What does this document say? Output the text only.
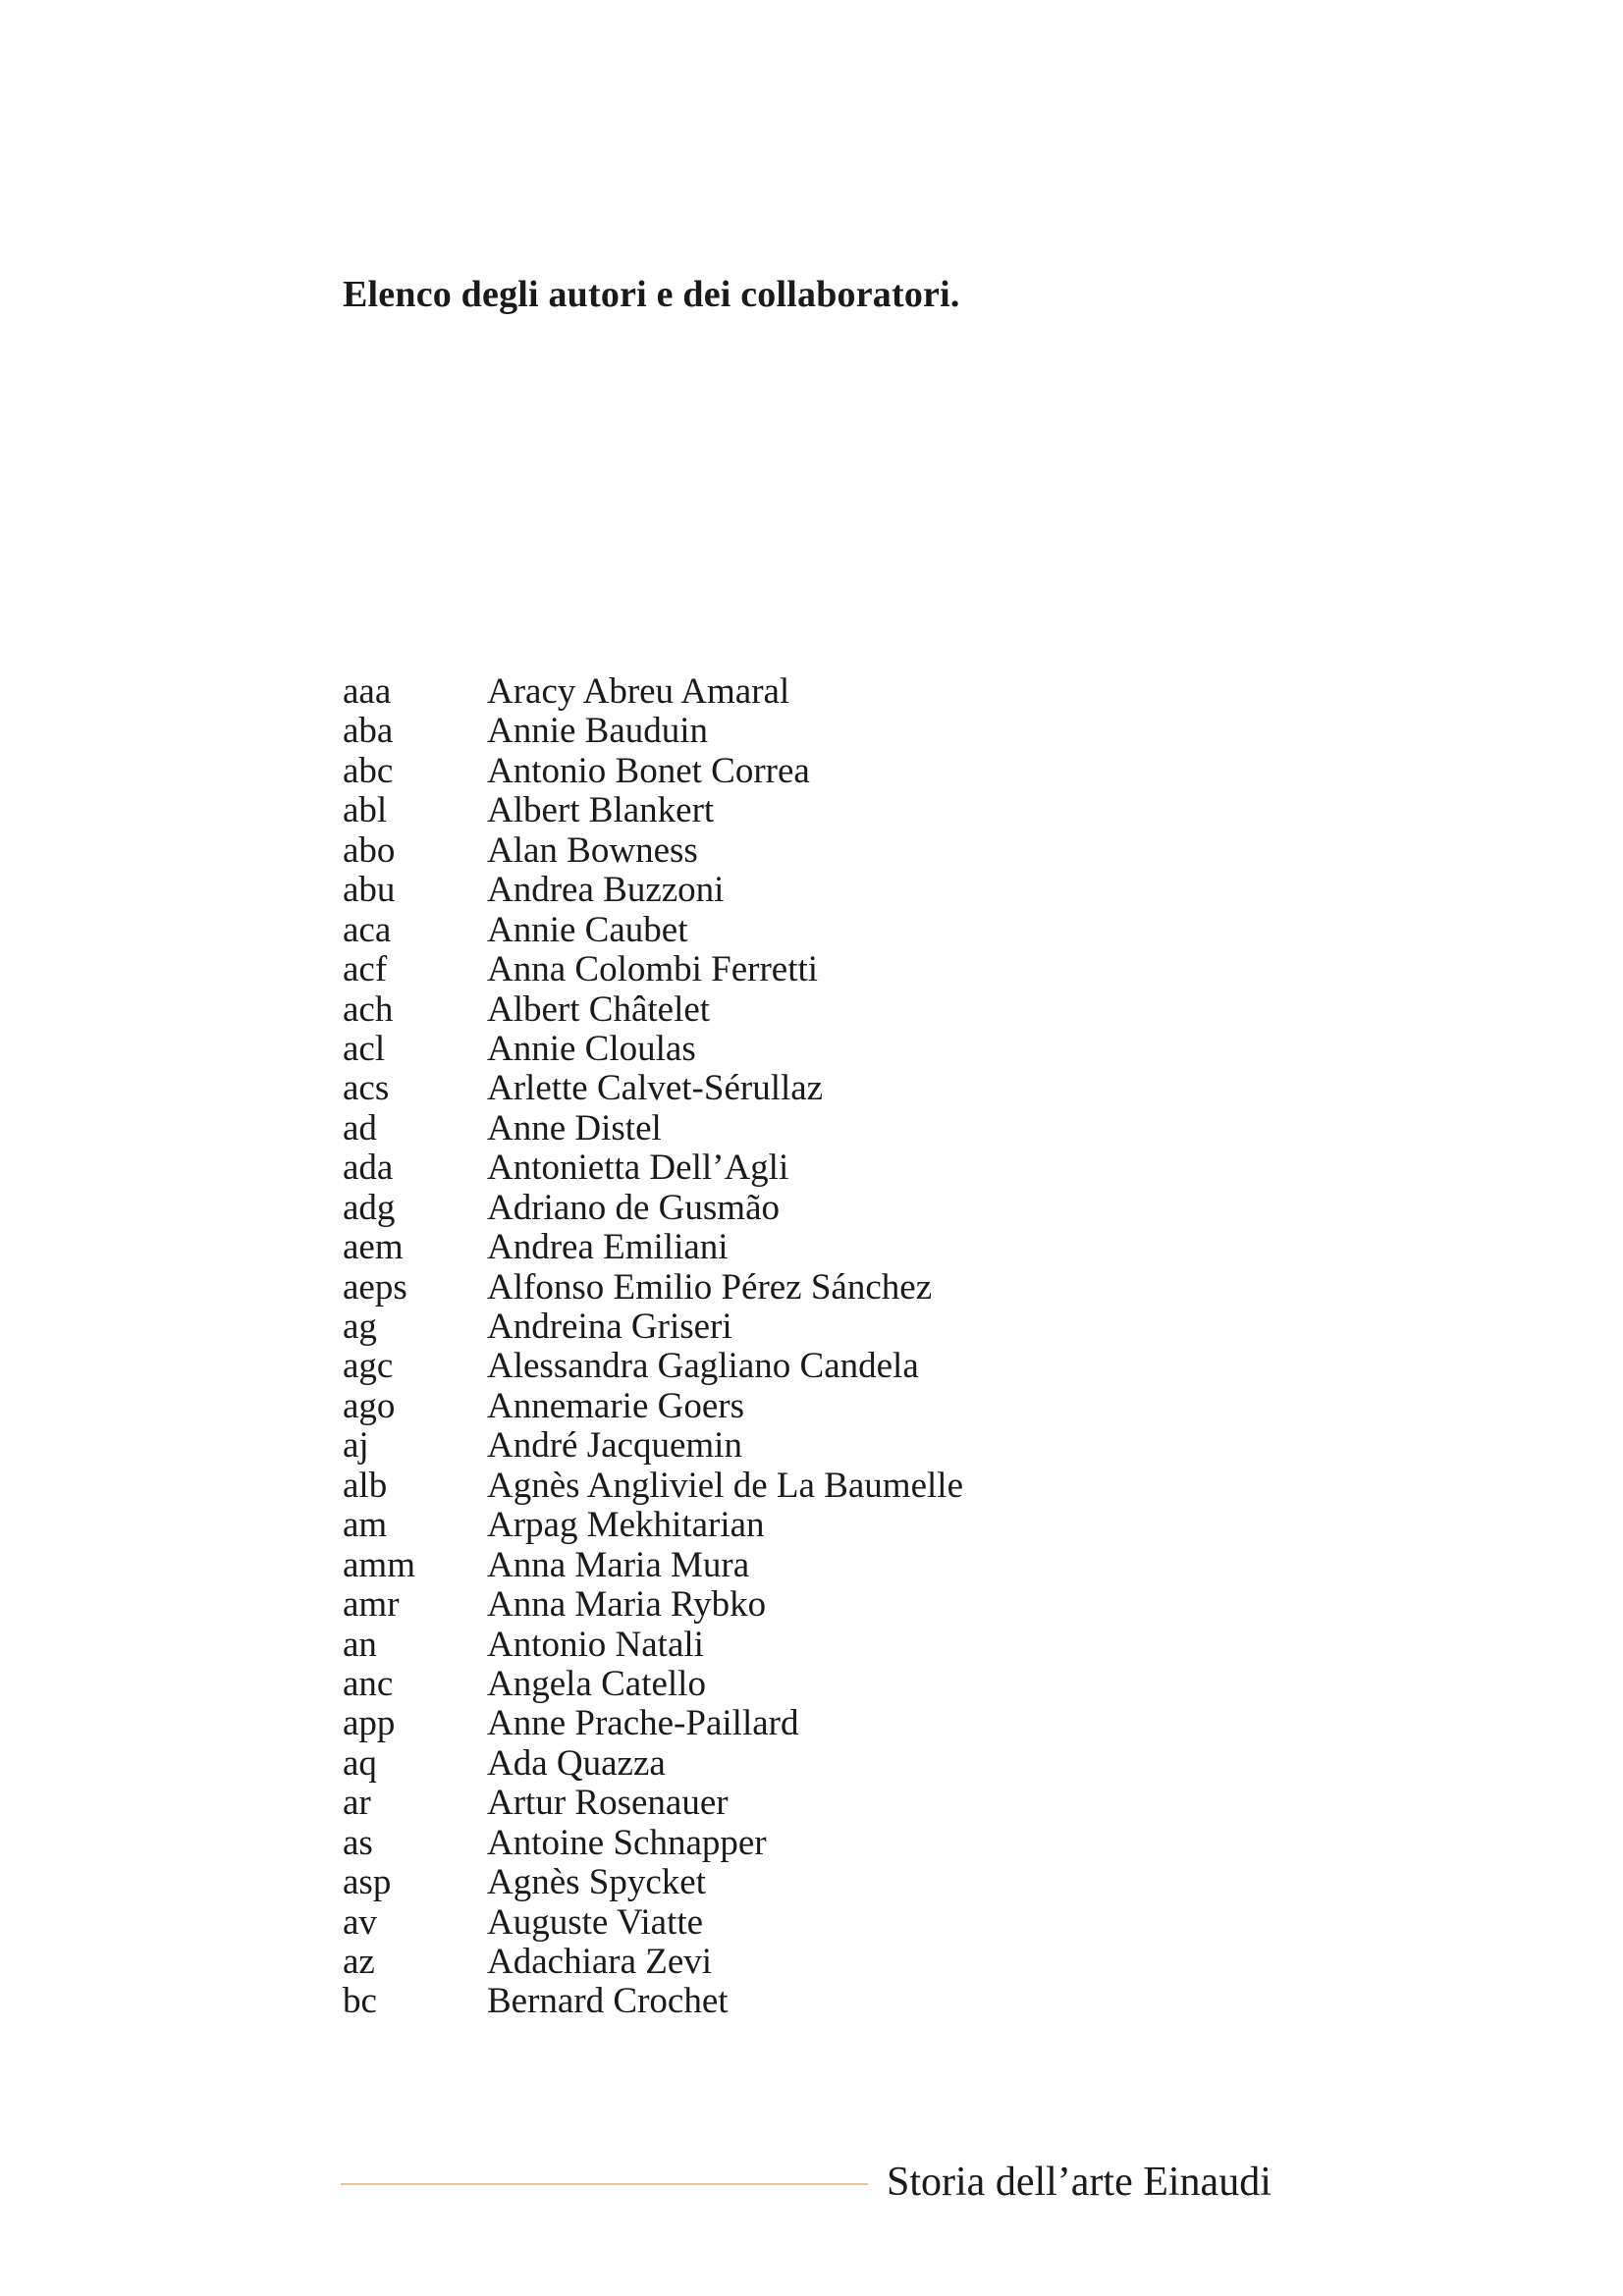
Elenco degli autori e dei collaboratori.
aaa	Aracy Abreu Amaral
aba	Annie Bauduin
abc	Antonio Bonet Correa
abl	Albert Blankert
abo	Alan Bowness
abu	Andrea Buzzoni
aca	Annie Caubet
acf	Anna Colombi Ferretti
ach	Albert Châtelet
acl	Annie Cloulas
acs	Arlette Calvet-Sérullaz
ad	Anne Distel
ada	Antonietta Dell’Agli
adg	Adriano de Gusmão
aem	Andrea Emiliani
aeps	Alfonso Emilio Pérez Sánchez
ag	Andreina Griseri
agc	Alessandra Gagliano Candela
ago	Annemarie Goers
aj	André Jacquemin
alb	Agnès Angliviel de La Baumelle
am	Arpag Mekhitarian
amm	Anna Maria Mura
amr	Anna Maria Rybko
an	Antonio Natali
anc	Angela Catello
app	Anne Prache-Paillard
aq	Ada Quazza
ar	Artur Rosenauer
as	Antoine Schnapper
asp	Agnès Spycket
av	Auguste Viatte
az	Adachiara Zevi
bc	Bernard Crochet
Storia dell’arte Einaudi
